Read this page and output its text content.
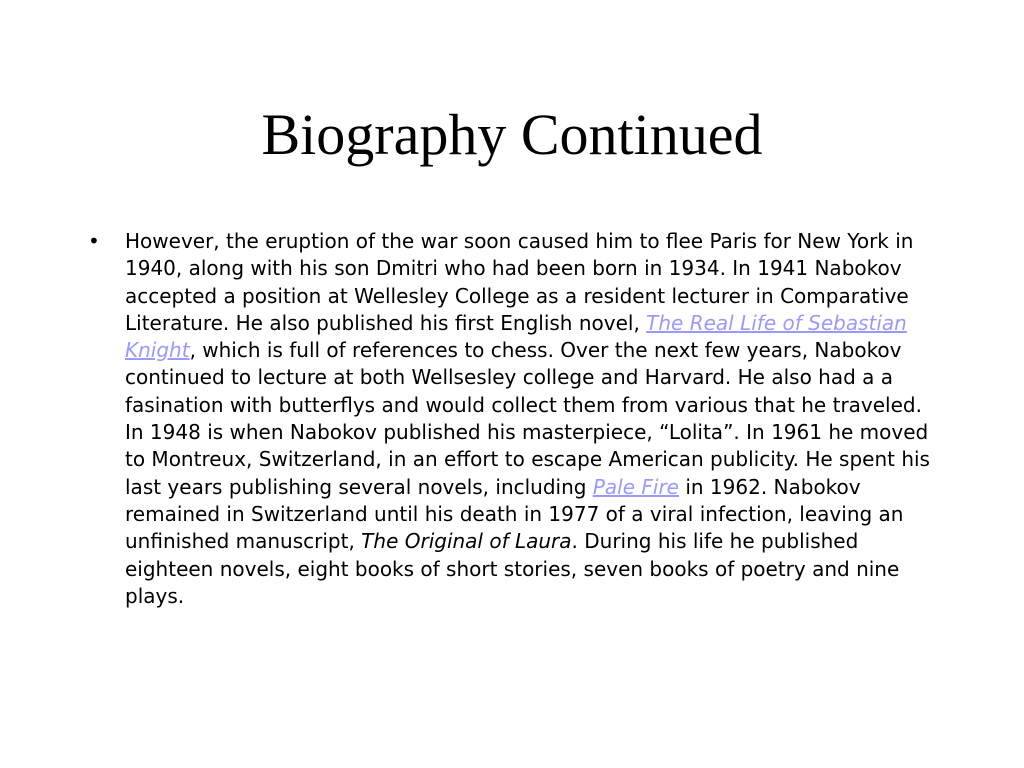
Biography Continued
• However, the eruption of the war soon caused him to flee Paris for New York in 1940, along with his son Dmitri who had been born in 1934. In 1941 Nabokov accepted a position at Wellesley College as a resident lecturer in Comparative Literature. He also published his first English novel, The Real Life of Sebastian Knight, which is full of references to chess. Over the next few years, Nabokov continued to lecture at both Wellsesley college and Harvard. He also had a a fasination with butterflys and would collect them from various that he traveled. In 1948 is when Nabokov published his masterpiece, “Lolita”. In 1961 he moved to Montreux, Switzerland, in an effort to escape American publicity. He spent his last years publishing several novels, including Pale Fire in 1962. Nabokov remained in Switzerland until his death in 1977 of a viral infection, leaving an unfinished manuscript, The Original of Laura. During his life he published eighteen novels, eight books of short stories, seven books of poetry and nine plays.
